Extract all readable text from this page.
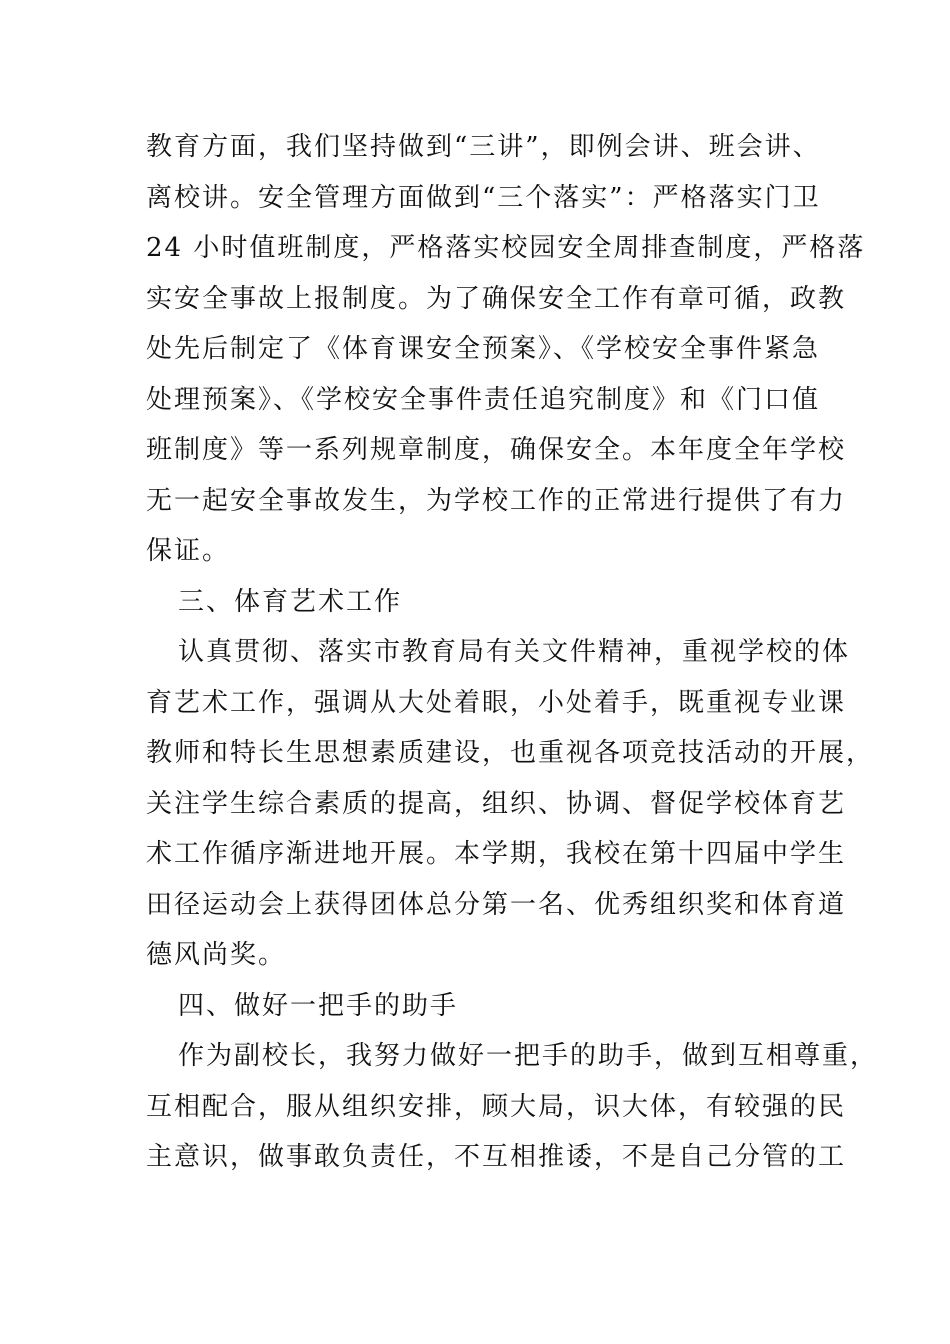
教育方面，我们坚持做到“三讲”，即例会讲、班会讲、
离校讲。安全管理方面做到“三个落实”：严格落实门卫
24 小时值班制度，严格落实校园安全周排查制度，严格落
实安全事故上报制度。为了确保安全工作有章可循，政教
处先后制定了《体育课安全预案》、《学校安全事件紧急
处理预案》、《学校安全事件责任追究制度》和《门口值
班制度》等一系列规章制度，确保安全。本年度全年学校
无一起安全事故发生，为学校工作的正常进行提供了有力
保证。
三、体育艺术工作
认真贯彻、落实市教育局有关文件精神，重视学校的体
育艺术工作，强调从大处着眼，小处着手，既重视专业课
教师和特长生思想素质建设，也重视各项竞技活动的开展，
关注学生综合素质的提高，组织、协调、督促学校体育艺
术工作循序渐进地开展。本学期，我校在第十四届中学生
田径运动会上获得团体总分第一名、优秀组织奖和体育道
德风尚奖。
四、做好一把手的助手
作为副校长，我努力做好一把手的助手，做到互相尊重，
互相配合，服从组织安排，顾大局，识大体，有较强的民
主意识，做事敢负责任，不互相推诿，不是自己分管的工
